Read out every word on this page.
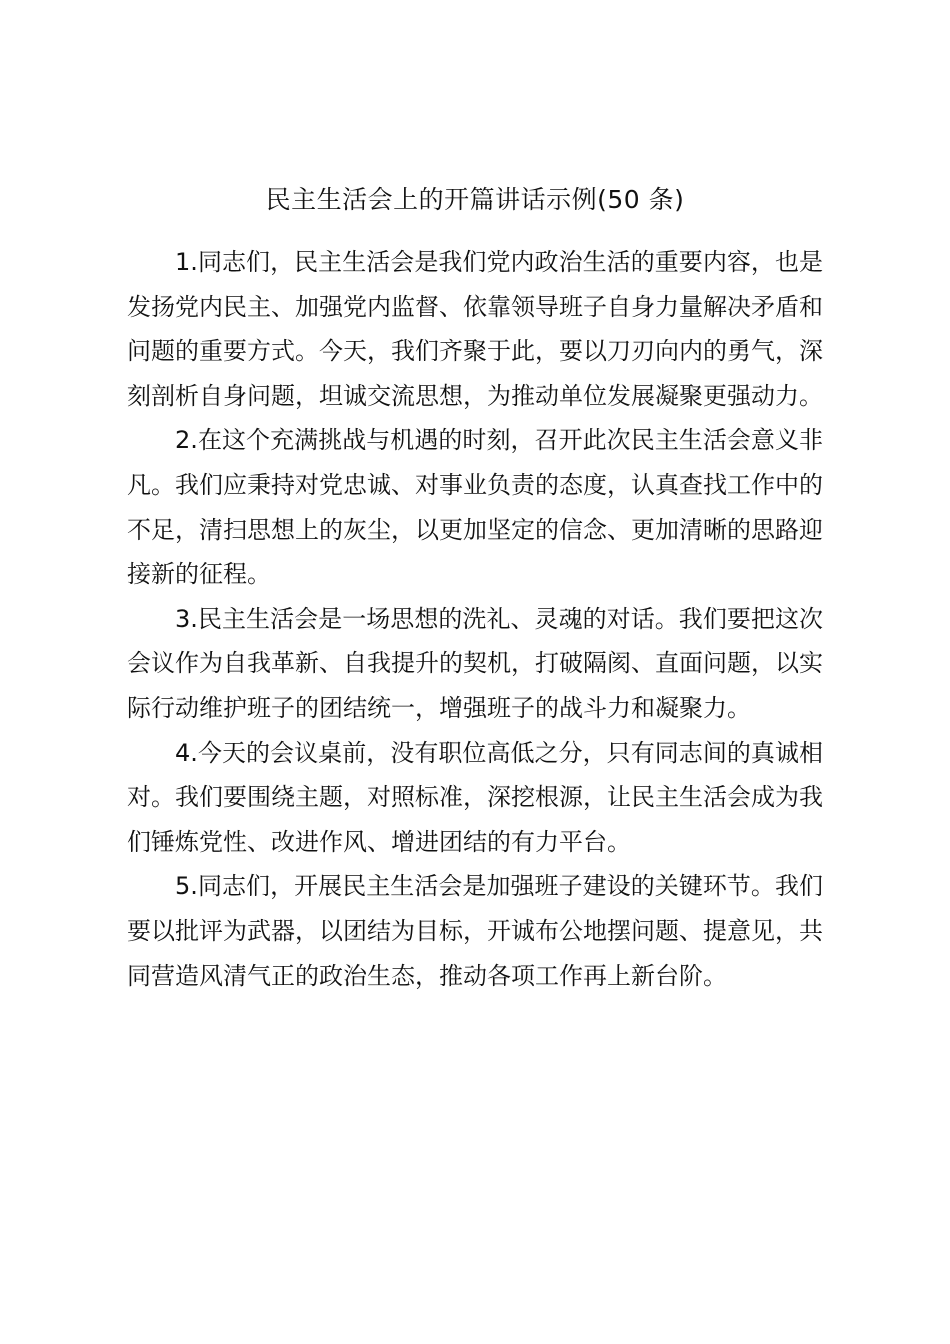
民主生活会上的开篇讲话示例(50 条)

1.同志们，民主生活会是我们党内政治生活的重要内容，也是发扬党内民主、加强党内监督、依靠领导班子自身力量解决矛盾和问题的重要方式。今天，我们齐聚于此，要以刀刃向内的勇气，深刻剖析自身问题，坦诚交流思想，为推动单位发展凝聚更强动力。

2.在这个充满挑战与机遇的时刻，召开此次民主生活会意义非凡。我们应秉持对党忠诚、对事业负责的态度，认真查找工作中的不足，清扫思想上的灰尘，以更加坚定的信念、更加清晰的思路迎接新的征程。

3.民主生活会是一场思想的洗礼、灵魂的对话。我们要把这次会议作为自我革新、自我提升的契机，打破隔阂、直面问题，以实际行动维护班子的团结统一，增强班子的战斗力和凝聚力。

4.今天的会议桌前，没有职位高低之分，只有同志间的真诚相对。我们要围绕主题，对照标准，深挖根源，让民主生活会成为我们锤炼党性、改进作风、增进团结的有力平台。

5.同志们，开展民主生活会是加强班子建设的关键环节。我们要以批评为武器，以团结为目标，开诚布公地摆问题、提意见，共同营造风清气正的政治生态，推动各项工作再上新台阶。
